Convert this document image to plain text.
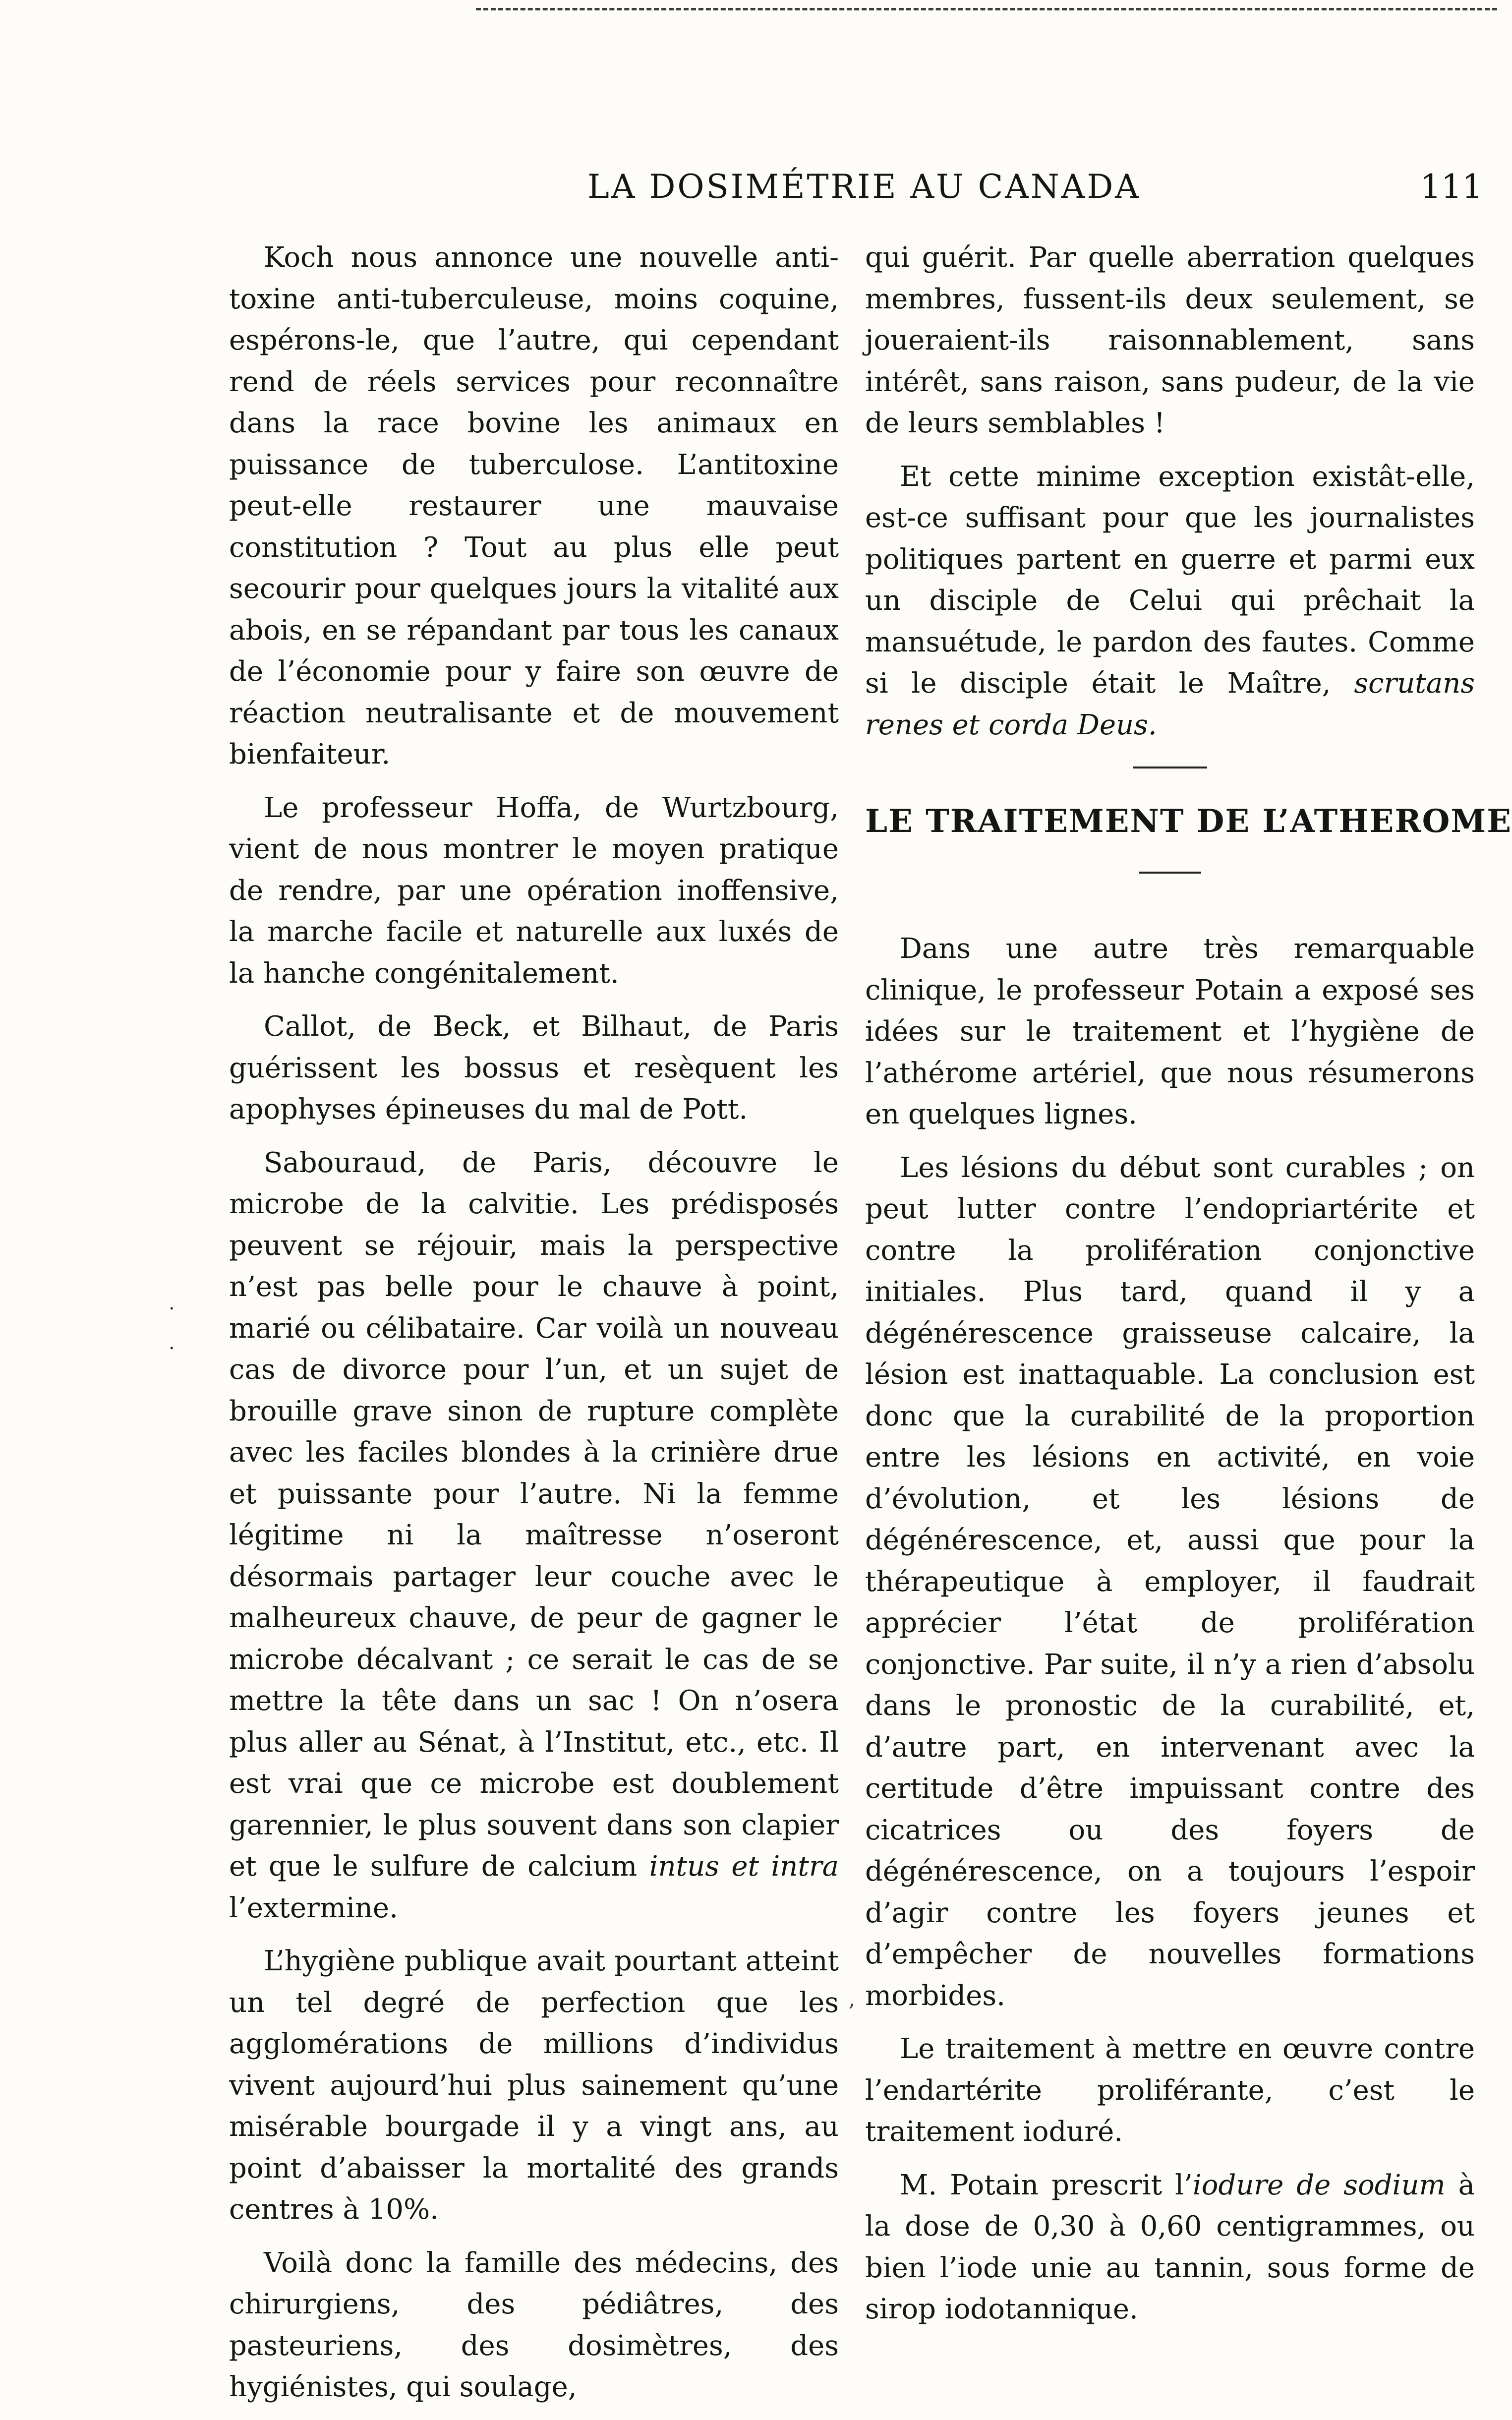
LA DOSIMÉTRIE AU CANADA	111
·
·

Koch nous annonce une nouvelle anti-toxine anti-tuberculeuse, moins coquine, espérons-le, que l’autre, qui cependant rend de réels services pour reconnaître dans la race bovine les animaux en puissance de tuberculose. L’antitoxine peut-elle restaurer une mauvaise constitution ? Tout au plus elle peut secourir pour quelques jours la vitalité aux abois, en se répandant par tous les canaux de l’économie pour y faire son œuvre de réaction neutralisante et de mouvement bienfaiteur.

Le professeur Hoffa, de Wurtzbourg, vient de nous montrer le moyen pratique de rendre, par une opération inoffensive, la marche facile et naturelle aux luxés de la hanche congénitalement.

Callot, de Beck, et Bilhaut, de Paris guérissent les bossus et resèquent les apophyses épineuses du mal de Pott.

Sabouraud, de Paris, découvre le microbe de la calvitie. Les prédisposés peuvent se réjouir, mais la perspective n’est pas belle pour le chauve à point, marié ou célibataire. Car voilà un nouveau cas de divorce pour l’un, et un sujet de brouille grave sinon de rupture complète avec les faciles blondes à la crinière drue et puissante pour l’autre. Ni la femme légitime ni la maîtresse n’oseront désormais partager leur couche avec le malheureux chauve, de peur de gagner le microbe décalvant ; ce serait le cas de se mettre la tête dans un sac ! On n’osera plus aller au Sénat, à l’Institut, etc., etc. Il est vrai que ce microbe est doublement garennier, le plus souvent dans son clapier et que le sulfure de calcium intus et intra l’extermine.

L’hygiène publique avait pourtant atteint un tel degré de perfection que les agglomérations de millions d’individus vivent aujourd’hui plus sainement qu’une misérable bourgade il y a vingt ans, au point d’abaisser la mortalité des grands centres à 10%.

Voilà donc la famille des médecins, des chirurgiens, des pédiâtres, des pasteuriens, des dosimètres, des hygiénistes, qui soulage,

qui guérit. Par quelle aberration quelques membres, fussent-ils deux seulement, se joueraient-ils raisonnablement, sans intérêt, sans raison, sans pudeur, de la vie de leurs semblables !

Et cette minime exception existât-elle, est-ce suffisant pour que les journalistes politiques partent en guerre et parmi eux un disciple de Celui qui prêchait la mansuétude, le pardon des fautes. Comme si le disciple était le Maître, scrutans renes et corda Deus.

LE TRAITEMENT DE L’ATHEROME

Dans une autre très remarquable clinique, le professeur Potain a exposé ses idées sur le traitement et l’hygiène de l’athérome artériel, que nous résumerons en quelques lignes.

Les lésions du début sont curables ; on peut lutter contre l’endopriartérite et contre la prolifération conjonctive initiales. Plus tard, quand il y a dégénérescence graisseuse calcaire, la lésion est inattaquable. La conclusion est donc que la curabilité de la proportion entre les lésions en activité, en voie d’évolution, et les lésions de dégénérescence, et, aussi que pour la thérapeutique à employer, il faudrait apprécier l’état de prolifération conjonctive. Par suite, il n’y a rien d’absolu dans le pronostic de la curabilité, et, d’autre part, en intervenant avec la certitude d’être impuissant contre des cicatrices ou des foyers de dégénérescence, on a toujours l’espoir d’agir contre les foyers jeunes et d’empêcher de nouvelles formations morbides.

Le traitement à mettre en œuvre contre l’endartérite proliférante, c’est le traitement ioduré.

M. Potain prescrit l’iodure de sodium à la dose de 0,30 à 0,60 centigrammes, ou bien l’iode unie au tannin, sous forme de sirop iodotannique.

,
